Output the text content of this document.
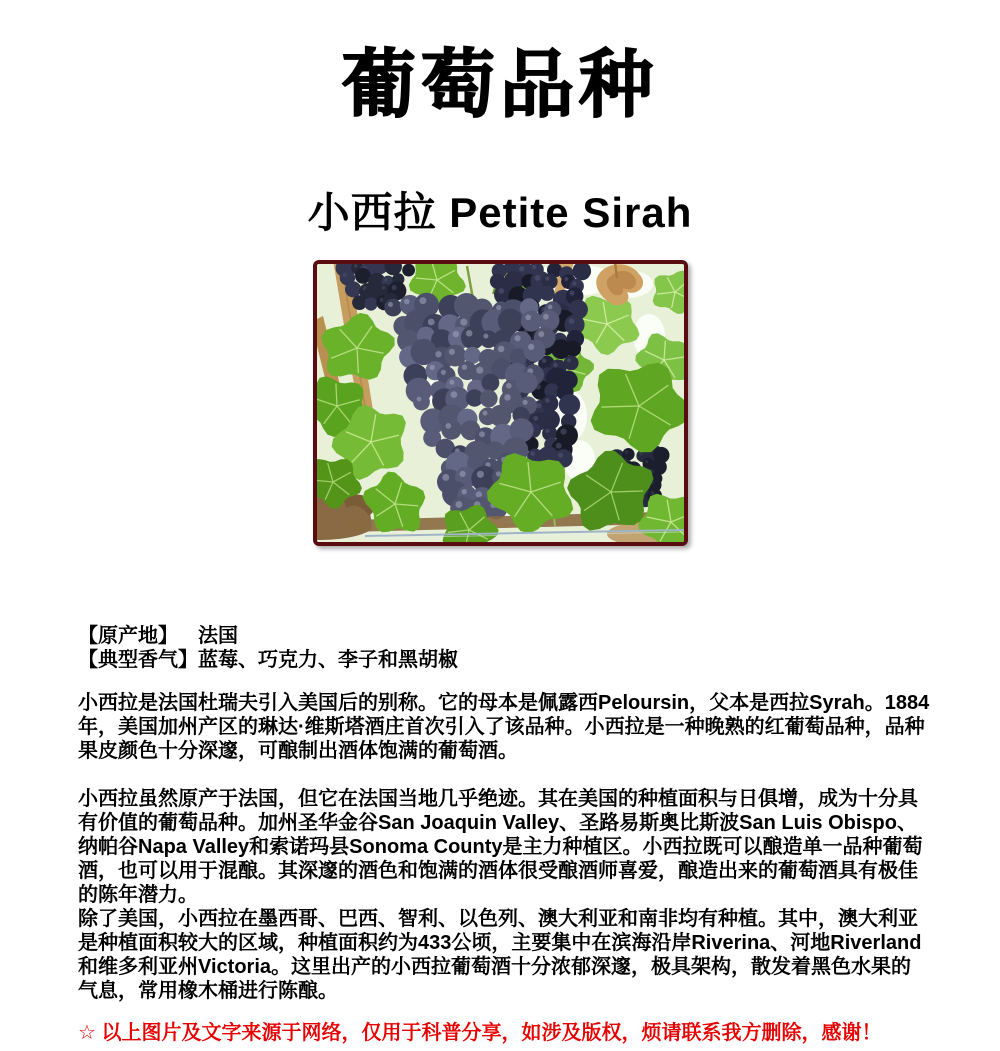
葡萄品种
小西拉 Petite Sirah
【原产地】 法国
【典型香气】蓝莓、巧克力、李子和黑胡椒

小西拉是法国杜瑞夫引入美国后的别称。它的母本是佩露西Peloursin，父本是西拉Syrah。1884年，美国加州产区的琳达·维斯塔酒庄首次引入了该品种。小西拉是一种晚熟的红葡萄品种，品种果皮颜色十分深邃，可酿制出酒体饱满的葡萄酒。

小西拉虽然原产于法国，但它在法国当地几乎绝迹。其在美国的种植面积与日俱增，成为十分具有价值的葡萄品种。加州圣华金谷San Joaquin Valley、圣路易斯奥比斯波San Luis Obispo、纳帕谷Napa Valley和索诺玛县Sonoma County是主力种植区。小西拉既可以酿造单一品种葡萄酒，也可以用于混酿。其深邃的酒色和饱满的酒体很受酿酒师喜爱，酿造出来的葡萄酒具有极佳的陈年潜力。

除了美国，小西拉在墨西哥、巴西、智利、以色列、澳大利亚和南非均有种植。其中，澳大利亚是种植面积较大的区域，种植面积约为433公顷，主要集中在滨海沿岸Riverina、河地Riverland和维多利亚州Victoria。这里出产的小西拉葡萄酒十分浓郁深邃，极具架构，散发着黑色水果的气息，常用橡木桶进行陈酿。

☆ 以上图片及文字来源于网络，仅用于科普分享，如涉及版权，烦请联系我方删除，感谢！
